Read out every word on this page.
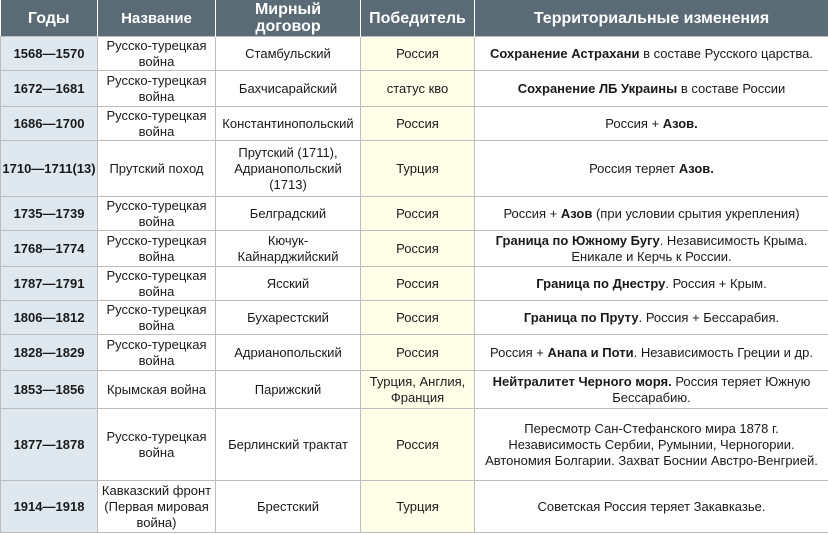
Годы	Название	Мирный договор	Победитель	Территориальные изменения
1568—1570	Русско-турецкая война	Стамбульский	Россия	Сохранение Астрахани в составе Русского царства.
1672—1681	Русско-турецкая война	Бахчисарайский	статус кво	Сохранение ЛБ Украины в составе России
1686—1700	Русско-турецкая война	Константинопольский	Россия	Россия + Азов.
1710—1711(13)	Прутский поход	Прутский (1711), Адрианопольский (1713)	Турция	Россия теряет Азов.
1735—1739	Русско-турецкая война	Белградский	Россия	Россия + Азов (при условии срытия укрепления)
1768—1774	Русско-турецкая война	Кючук-Кайнарджийский	Россия	Граница по Южному Бугу. Независимость Крыма. Еникале и Керчь к России.
1787—1791	Русско-турецкая война	Ясский	Россия	Граница по Днестру. Россия + Крым.
1806—1812	Русско-турецкая война	Бухарестский	Россия	Граница по Пруту. Россия + Бессарабия.
1828—1829	Русско-турецкая война	Адрианопольский	Россия	Россия + Анапа и Поти. Независимость Греции и др.
1853—1856	Крымская война	Парижский	Турция, Англия, Франция	Нейтралитет Черного моря. Россия теряет Южную Бессарабию.
1877—1878	Русско-турецкая война	Берлинский трактат	Россия	Пересмотр Сан-Стефанского мира 1878 г. Независимость Сербии, Румынии, Черногории. Автономия Болгарии. Захват Боснии Австро-Венгрией.
1914—1918	Кавказский фронт (Первая мировая война)	Брестский	Турция	Советская Россия теряет Закавказье.
